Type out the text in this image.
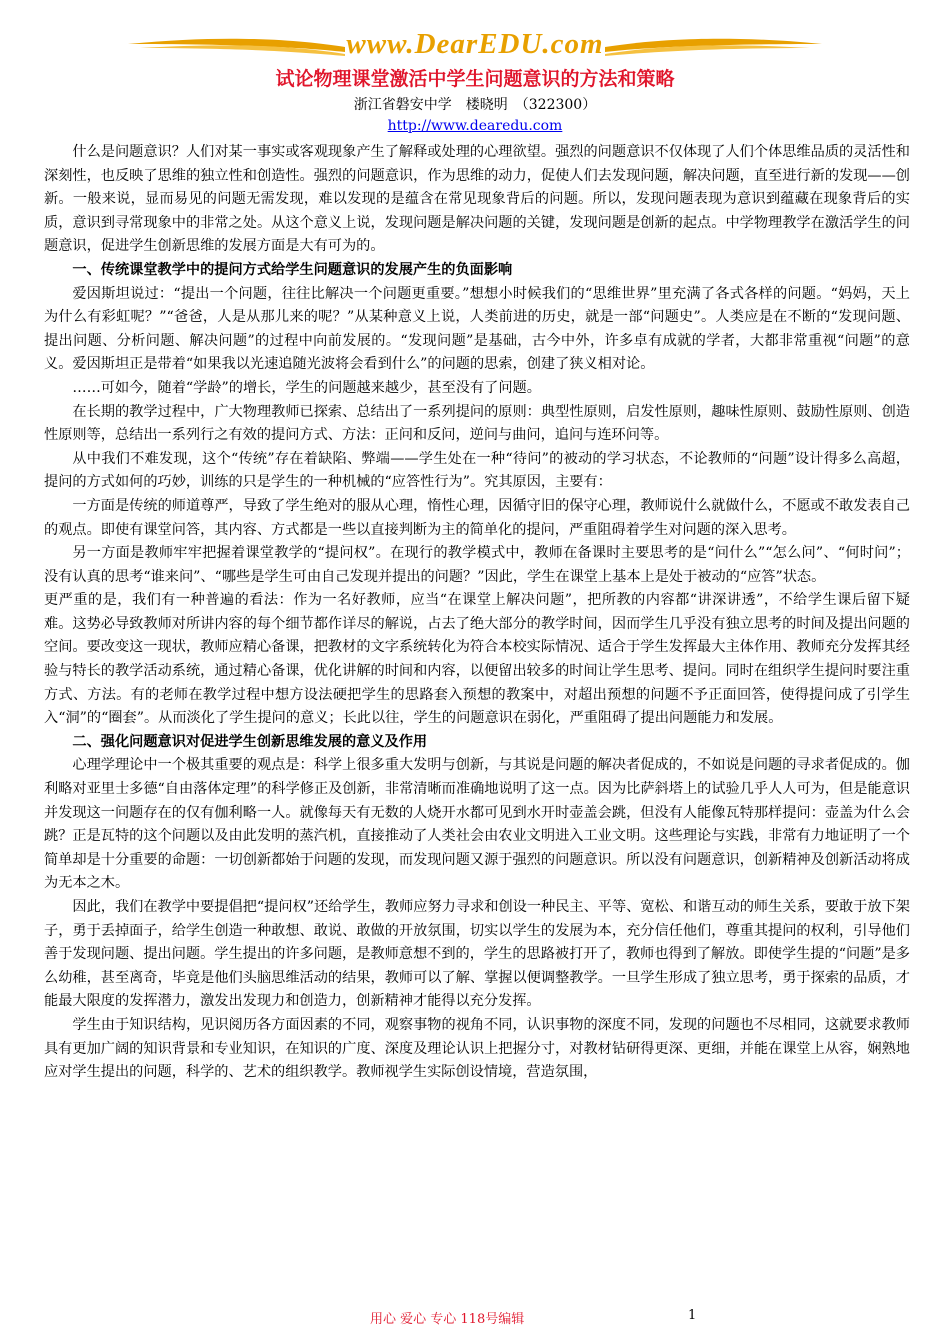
www.DearEDU.com
试论物理课堂激活中学生问题意识的方法和策略
浙江省磐安中学　楼晓明　（322300）
http://www.dearedu.com

什么是问题意识？人们对某一事实或客观现象产生了解释或处理的心理欲望。强烈的问题意识不仅体现了人们个体思维品质的灵活性和深刻性，也反映了思维的独立性和创造性。强烈的问题意识，作为思维的动力，促使人们去发现问题，解决问题，直至进行新的发现——创新。一般来说，显而易见的问题无需发现，难以发现的是蕴含在常见现象背后的问题。所以，发现问题表现为意识到蕴藏在现象背后的实质，意识到寻常现象中的非常之处。从这个意义上说，发现问题是解决问题的关键，发现问题是创新的起点。中学物理教学在激活学生的问题意识，促进学生创新思维的发展方面是大有可为的。

一、传统课堂教学中的提问方式给学生问题意识的发展产生的负面影响

爱因斯坦说过：“提出一个问题，往往比解决一个问题更重要。”想想小时候我们的“思维世界”里充满了各式各样的问题。“妈妈，天上为什么有彩虹呢？”“爸爸，人是从那儿来的呢？”从某种意义上说，人类前进的历史，就是一部“问题史”。人类应是在不断的“发现问题、提出问题、分析问题、解决问题”的过程中向前发展的。“发现问题”是基础，古今中外，许多卓有成就的学者，大都非常重视“问题”的意义。爱因斯坦正是带着“如果我以光速追随光波将会看到什么”的问题的思索，创建了狭义相对论。

……可如今，随着“学龄”的增长，学生的问题越来越少，甚至没有了问题。

在长期的教学过程中，广大物理教师已探索、总结出了一系列提问的原则：典型性原则，启发性原则，趣味性原则、鼓励性原则、创造性原则等，总结出一系列行之有效的提问方式、方法：正问和反问，逆问与曲问，追问与连环问等。

从中我们不难发现，这个“传统”存在着缺陷、弊端——学生处在一种“待问”的被动的学习状态，不论教师的“问题”设计得多么高超，提问的方式如何的巧妙，训练的只是学生的一种机械的“应答性行为”。究其原因，主要有：

一方面是传统的师道尊严，导致了学生绝对的服从心理，惰性心理，因循守旧的保守心理，教师说什么就做什么，不愿或不敢发表自己的观点。即使有课堂问答，其内容、方式都是一些以直接判断为主的简单化的提问，严重阻碍着学生对问题的深入思考。

另一方面是教师牢牢把握着课堂教学的“提问权”。在现行的教学模式中，教师在备课时主要思考的是“问什么”“怎么问”、“何时问”；没有认真的思考“谁来问”、“哪些是学生可由自己发现并提出的问题？”因此，学生在课堂上基本上是处于被动的“应答”状态。

更严重的是，我们有一种普遍的看法：作为一名好教师，应当“在课堂上解决问题”，把所教的内容都“讲深讲透”，不给学生课后留下疑难。这势必导致教师对所讲内容的每个细节都作详尽的解说，占去了绝大部分的教学时间，因而学生几乎没有独立思考的时间及提出问题的空间。要改变这一现状，教师应精心备课，把教材的文字系统转化为符合本校实际情况、适合于学生发挥最大主体作用、教师充分发挥其经验与特长的教学活动系统，通过精心备课，优化讲解的时间和内容，以便留出较多的时间让学生思考、提问。同时在组织学生提问时要注重方式、方法。有的老师在教学过程中想方设法硬把学生的思路套入预想的教案中，对超出预想的问题不予正面回答，使得提问成了引学生入“洞”的“圈套”。从而淡化了学生提问的意义；长此以往，学生的问题意识在弱化，严重阻碍了提出问题能力和发展。

二、强化问题意识对促进学生创新思维发展的意义及作用

心理学理论中一个极其重要的观点是：科学上很多重大发明与创新，与其说是问题的解决者促成的，不如说是问题的寻求者促成的。伽利略对亚里士多德“自由落体定理”的科学修正及创新，非常清晰而准确地说明了这一点。因为比萨斜塔上的试验几乎人人可为，但是能意识并发现这一问题存在的仅有伽利略一人。就像每天有无数的人烧开水都可见到水开时壶盖会跳，但没有人能像瓦特那样提问：壶盖为什么会跳？正是瓦特的这个问题以及由此发明的蒸汽机，直接推动了人类社会由农业文明进入工业文明。这些理论与实践，非常有力地证明了一个简单却是十分重要的命题：一切创新都始于问题的发现，而发现问题又源于强烈的问题意识。所以没有问题意识，创新精神及创新活动将成为无本之木。

因此，我们在教学中要提倡把“提问权”还给学生，教师应努力寻求和创设一种民主、平等、宽松、和谐互动的师生关系，要敢于放下架子，勇于丢掉面子，给学生创造一种敢想、敢说、敢做的开放氛围，切实以学生的发展为本，充分信任他们，尊重其提问的权利，引导他们善于发现问题、提出问题。学生提出的许多问题，是教师意想不到的，学生的思路被打开了，教师也得到了解放。即使学生提的“问题”是多么幼稚，甚至离奇，毕竟是他们头脑思维活动的结果，教师可以了解、掌握以便调整教学。一旦学生形成了独立思考，勇于探索的品质，才能最大限度的发挥潜力，激发出发现力和创造力，创新精神才能得以充分发挥。

学生由于知识结构，见识阅历各方面因素的不同，观察事物的视角不同，认识事物的深度不同，发现的问题也不尽相同，这就要求教师具有更加广阔的知识背景和专业知识，在知识的广度、深度及理论认识上把握分寸，对教材钻研得更深、更细，并能在课堂上从容，娴熟地应对学生提出的问题，科学的、艺术的组织教学。教师视学生实际创设情境，营造氛围，

用心 爱心 专心 118号编辑	1
